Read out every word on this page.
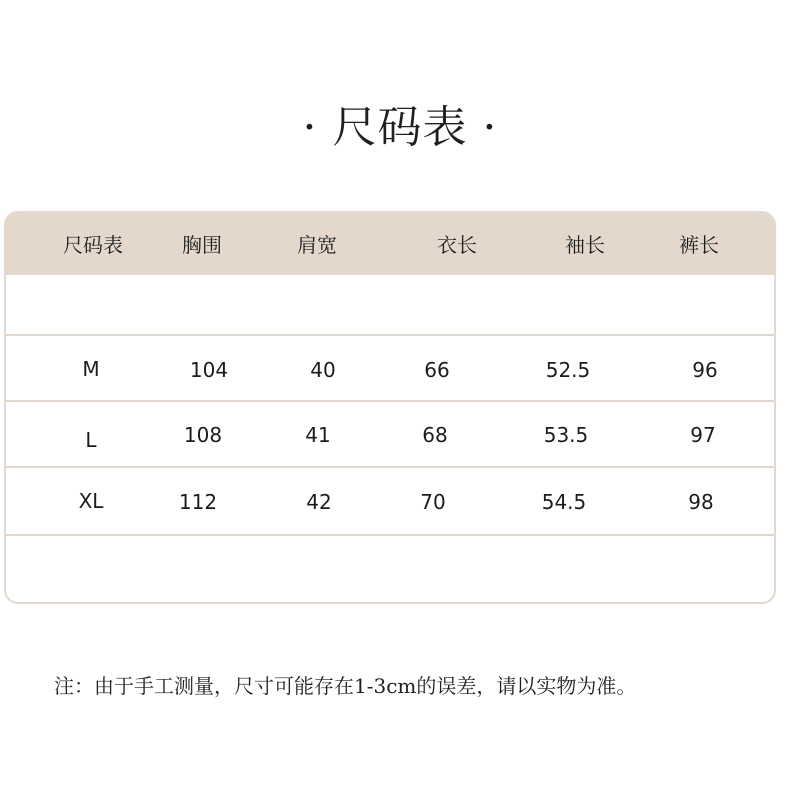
· 尺码表 ·
尺码表	胸围	肩宽	衣长	袖长	裤长
M	104	40	66	52.5	96
L	108	41	68	53.5	97
XL	112	42	70	54.5	98
注：由于手工测量，尺寸可能存在1-3cm的误差，请以实物为准。
